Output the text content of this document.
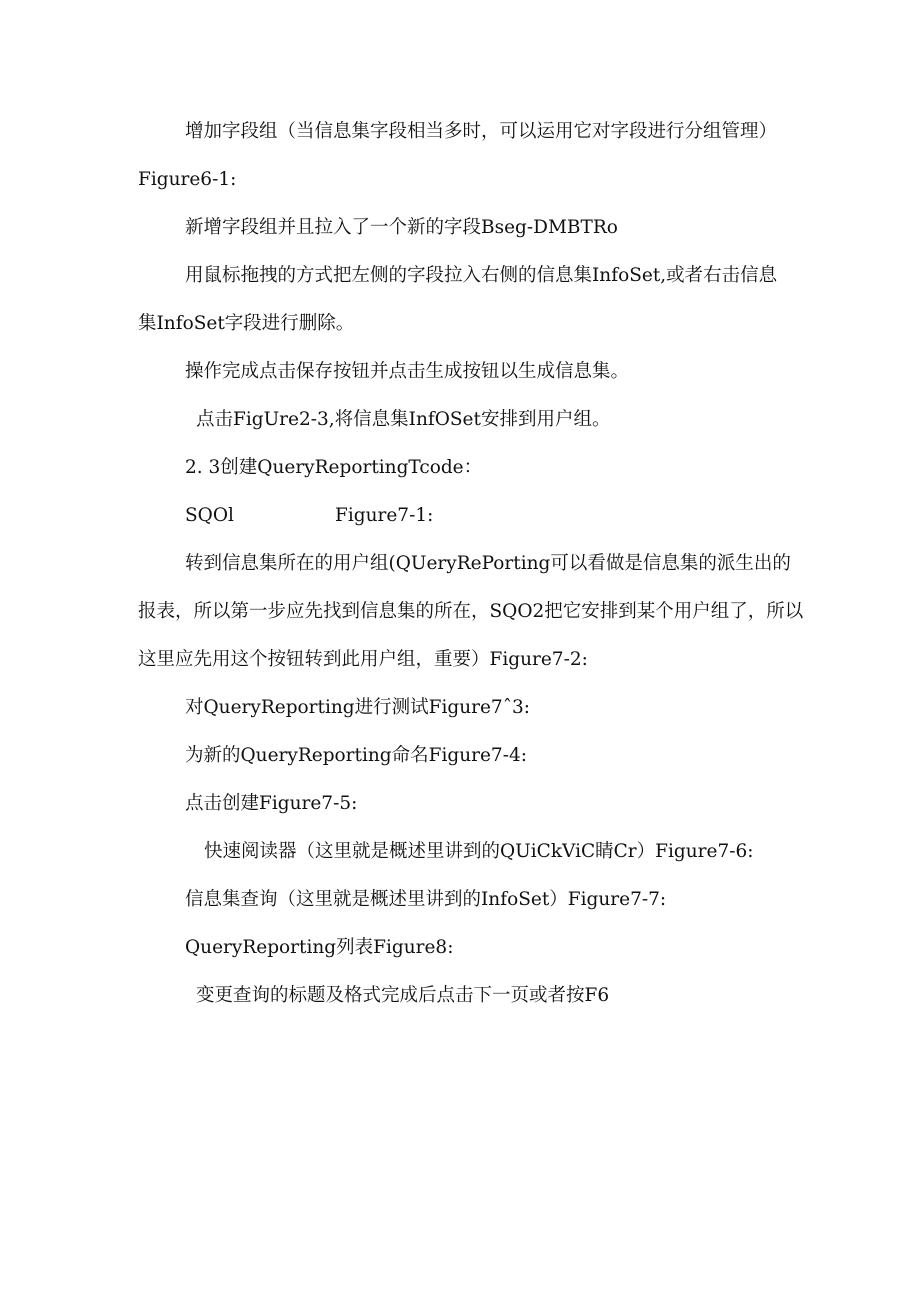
增加字段组（当信息集字段相当多时，可以运用它对字段进行分组管理）
Figure6-1:
新增字段组并且拉入了一个新的字段Bseg-DMBTRo
用鼠标拖拽的方式把左侧的字段拉入右侧的信息集InfoSet,或者右击信息
集InfoSet字段进行删除。
操作完成点击保存按钮并点击生成按钮以生成信息集。
点击FigUre2-3,将信息集InfOSet安排到用户组。
2. 3创建QueryReportingTcode：
SQOl	Figure7-1:
转到信息集所在的用户组(QUeryRePorting可以看做是信息集的派生出的
报表，所以第一步应先找到信息集的所在，SQO2把它安排到某个用户组了，所以
这里应先用这个按钮转到此用户组，重要）Figure7-2:
对QueryReporting进行测试Figure7ˆ3:
为新的QueryReporting命名Figure7-4:
点击创建Figure7-5:
快速阅读器（这里就是概述里讲到的QUiCkViC睛Cr）Figure7-6:
信息集查询（这里就是概述里讲到的InfoSet）Figure7-7:
QueryReporting列表Figure8:
变更查询的标题及格式完成后点击下一页或者按F6
